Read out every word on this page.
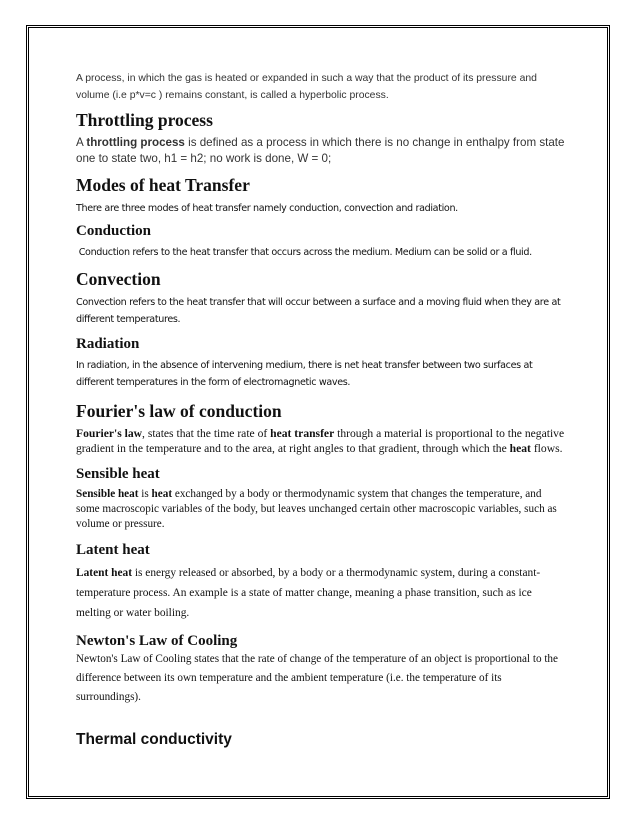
A process, in which the gas is heated or expanded in such a way that the product of its pressure and volume (i.e p*v=c ) remains constant, is called a hyperbolic process.

Throttling process

A throttling process is defined as a process in which there is no change in enthalpy from state one to state two, h1 = h2; no work is done, W = 0;

Modes of heat Transfer

There are three modes of heat transfer namely conduction, convection and radiation.

Conduction

Conduction refers to the heat transfer that occurs across the medium. Medium can be solid or a fluid.

Convection

Convection refers to the heat transfer that will occur between a surface and a moving fluid when they are at different temperatures.

Radiation

In radiation, in the absence of intervening medium, there is net heat transfer between two surfaces at different temperatures in the form of electromagnetic waves.

Fourier's law of conduction

Fourier's law, states that the time rate of heat transfer through a material is proportional to the negative gradient in the temperature and to the area, at right angles to that gradient, through which the heat flows.

Sensible heat

Sensible heat is heat exchanged by a body or thermodynamic system that changes the temperature, and some macroscopic variables of the body, but leaves unchanged certain other macroscopic variables, such as volume or pressure.

Latent heat

Latent heat is energy released or absorbed, by a body or a thermodynamic system, during a constant-temperature process. An example is a state of matter change, meaning a phase transition, such as ice melting or water boiling.

Newton's Law of Cooling

Newton's Law of Cooling states that the rate of change of the temperature of an object is proportional to the difference between its own temperature and the ambient temperature (i.e. the temperature of its surroundings).

Thermal conductivity
